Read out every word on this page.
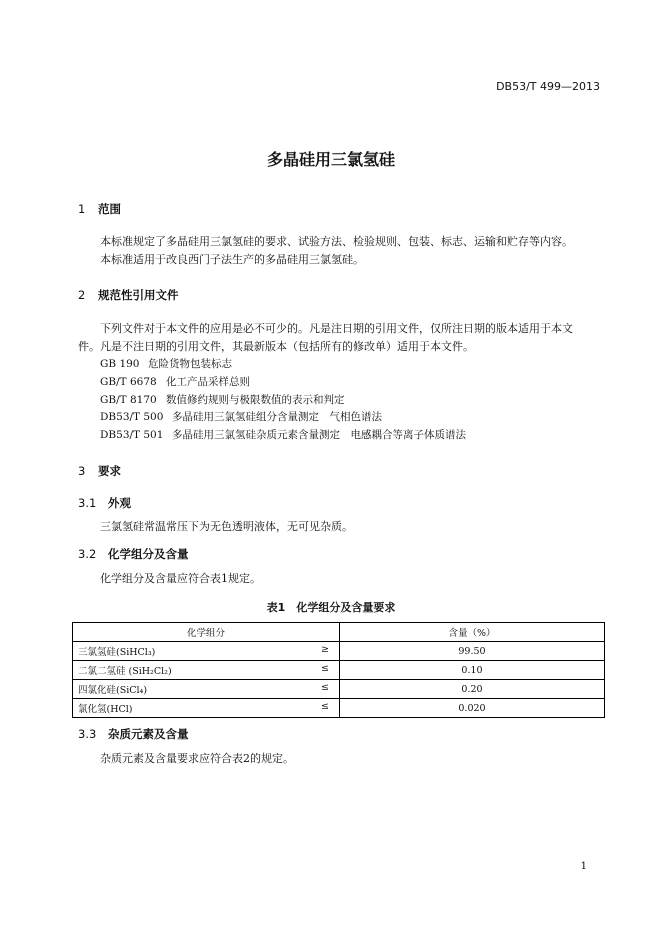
DB53/T 499—2013
多晶硅用三氯氢硅
1 范围
本标准规定了多晶硅用三氯氢硅的要求、试验方法、检验规则、包装、标志、运输和贮存等内容。
本标准适用于改良西门子法生产的多晶硅用三氯氢硅。
2 规范性引用文件
下列文件对于本文件的应用是必不可少的。凡是注日期的引用文件，仅所注日期的版本适用于本文
件。凡是不注日期的引用文件，其最新版本（包括所有的修改单）适用于本文件。
GB 190 危险货物包装标志
GB/T 6678 化工产品采样总则
GB/T 8170 数值修约规则与极限数值的表示和判定
DB53/T 500 多晶硅用三氯氢硅组分含量测定　气相色谱法
DB53/T 501 多晶硅用三氯氢硅杂质元素含量测定　电感耦合等离子体质谱法
3 要求
3.1 外观
三氯氢硅常温常压下为无色透明液体，无可见杂质。
3.2 化学组分及含量
化学组分及含量应符合表1规定。
表1　化学组分及含量要求
化学组分	含量（%）
三氯氢硅(SiHCl₃) ≥	99.50
二氯二氢硅 (SiH₂Cl₂) ≤	0.10
四氯化硅(SiCl₄) ≤	0.20
氯化氢(HCl) ≤	0.020
3.3 杂质元素及含量
杂质元素及含量要求应符合表2的规定。
1
